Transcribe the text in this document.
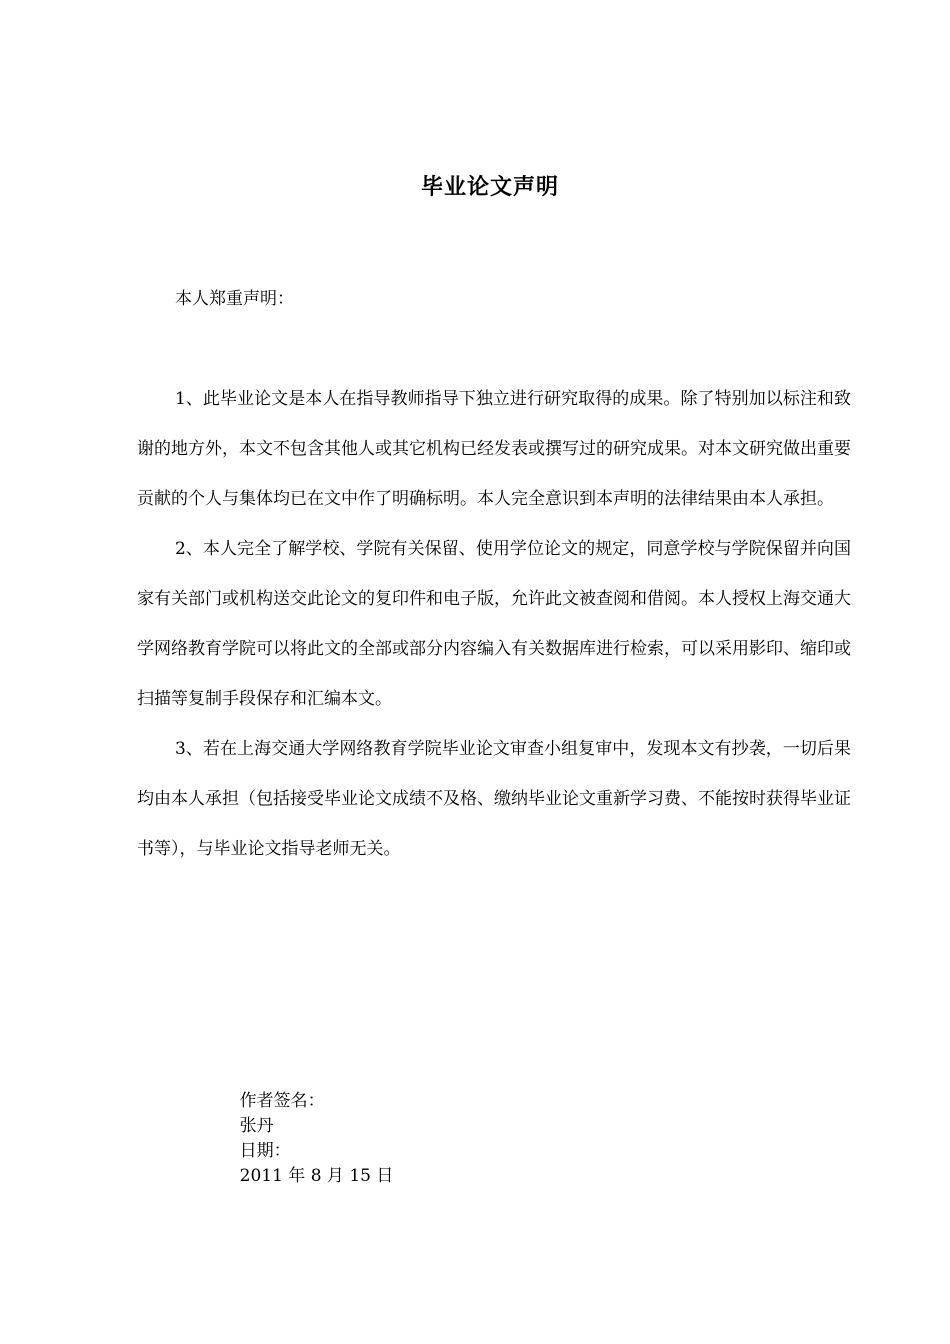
毕业论文声明
本人郑重声明：

1、此毕业论文是本人在指导教师指导下独立进行研究取得的成果。除了特别加以标注和致谢的地方外，本文不包含其他人或其它机构已经发表或撰写过的研究成果。对本文研究做出重要贡献的个人与集体均已在文中作了明确标明。本人完全意识到本声明的法律结果由本人承担。

2、本人完全了解学校、学院有关保留、使用学位论文的规定，同意学校与学院保留并向国家有关部门或机构送交此论文的复印件和电子版，允许此文被查阅和借阅。本人授权上海交通大学网络教育学院可以将此文的全部或部分内容编入有关数据库进行检索，可以采用影印、缩印或扫描等复制手段保存和汇编本文。

3、若在上海交通大学网络教育学院毕业论文审查小组复审中，发现本文有抄袭，一切后果均由本人承担（包括接受毕业论文成绩不及格、缴纳毕业论文重新学习费、不能按时获得毕业证书等），与毕业论文指导老师无关。

作者签名：
张丹
日期：
2011 年 8 月 15 日
